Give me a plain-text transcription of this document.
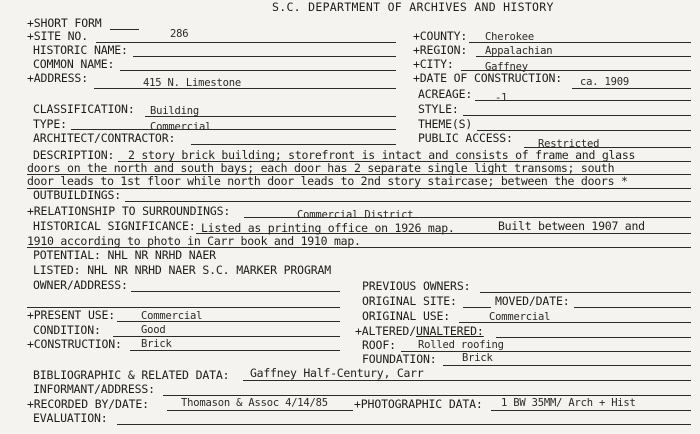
S.C. DEPARTMENT OF ARCHIVES AND HISTORY
+SHORT FORM
+SITE NO.	286	+COUNTY: Cherokee
HISTORIC NAME:	+REGION: Appalachian
COMMON NAME:	+CITY:	Gaffney
+ADDRESS:	415 N. Limestone	+DATE OF CONSTRUCTION: ca. 1909
ACREAGE: -1
CLASSIFICATION: Building	STYLE:
TYPE:	Commercial	THEME(S)
ARCHITECT/CONTRACTOR:	PUBLIC ACCESS: Restricted
DESCRIPTION: 2 story brick building; storefront is intact and consists of frame and glass
doors on the north and south bays; each door has 2 separate single light transoms; south
door leads to 1st floor while north door leads to 2nd story staircase; between the doors *
OUTBUILDINGS:
+RELATIONSHIP TO SURROUNDINGS:	Commercial District
HISTORICAL SIGNIFICANCE: Listed as printing office on 1926 map.	Built between 1907 and
1910 according to photo in Carr book and 1910 map.
POTENTIAL: NHL NR NRHD NAER
LISTED: NHL NR NRHD NAER S.C. MARKER PROGRAM
OWNER/ADDRESS:	PREVIOUS OWNERS:
ORIGINAL SITE:	MOVED/DATE:
+PRESENT USE: Commercial	ORIGINAL USE:	Commercial
CONDITION:	Good	+ALTERED/UNALTERED:
+CONSTRUCTION: Brick	ROOF: Rolled roofing
FOUNDATION: Brick
BIBLIOGRAPHIC & RELATED DATA: Gaffney Half-Century, Carr
INFORMANT/ADDRESS:
+RECORDED BY/DATE:	Thomason & Assoc 4/14/85 +PHOTOGRAPHIC DATA: 1 BW 35MM/ Arch + Hist
EVALUATION:
